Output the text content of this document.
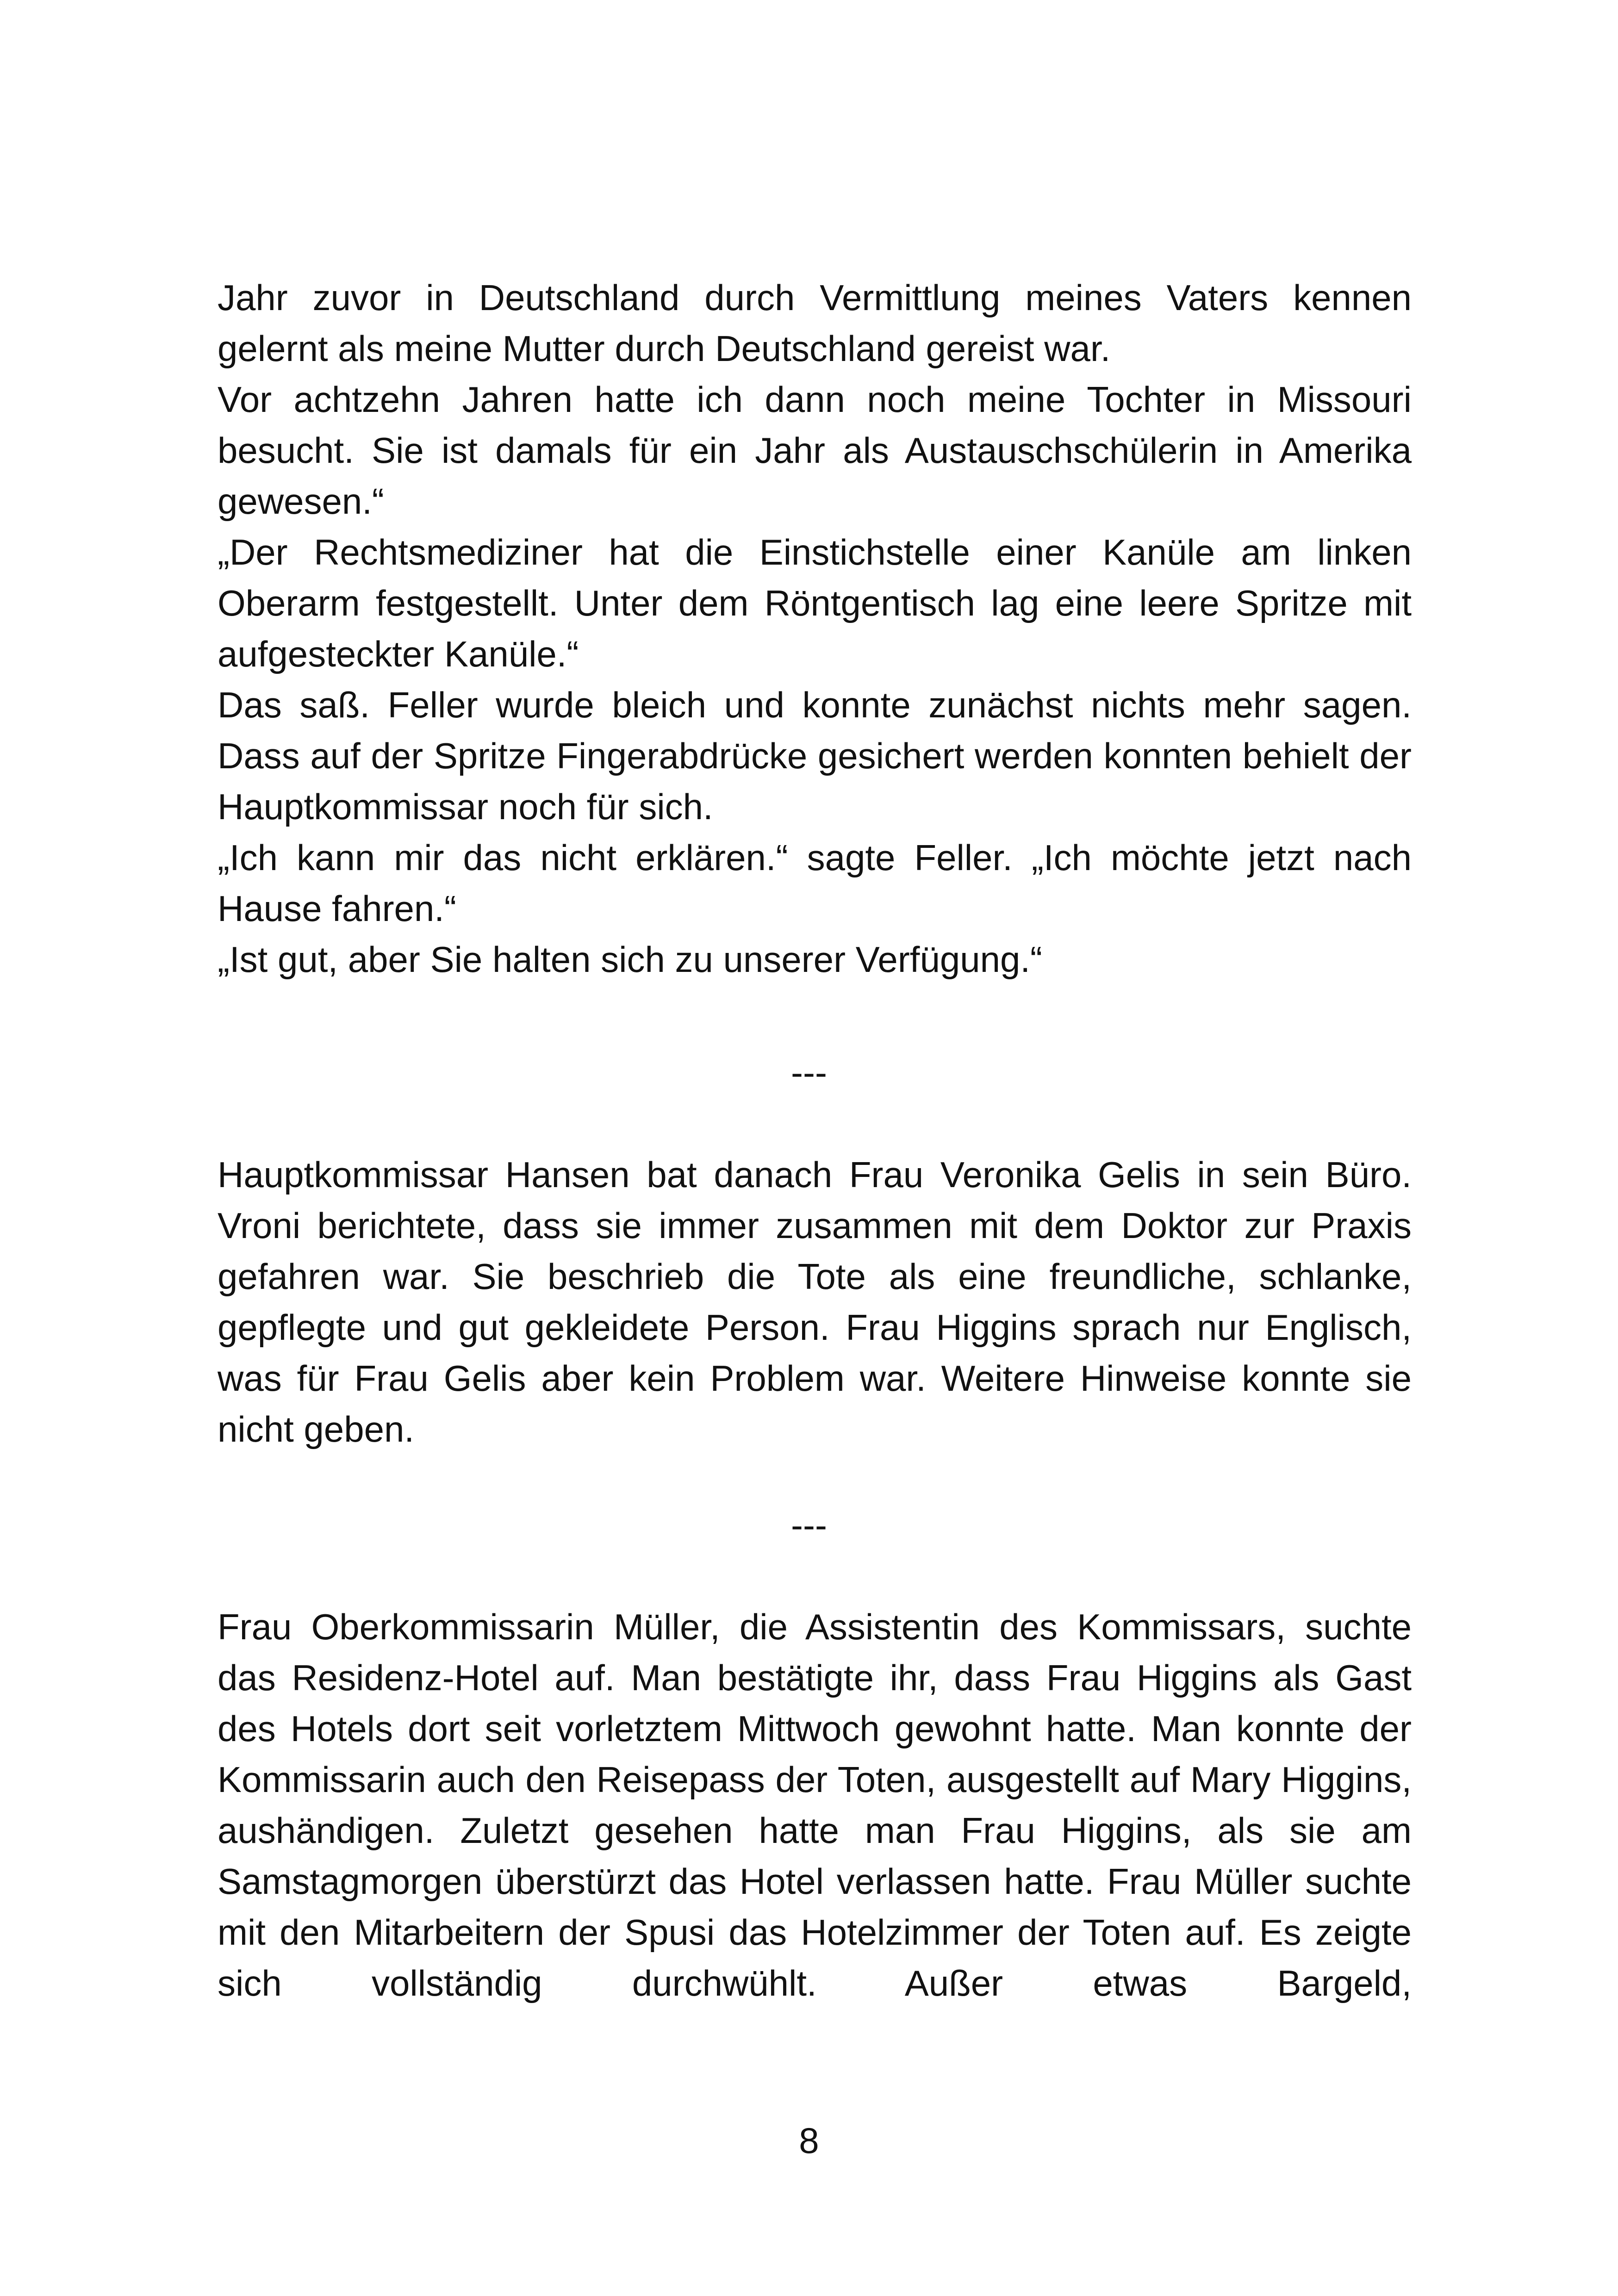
Jahr zuvor in Deutschland durch Vermittlung meines Vaters kennen gelernt als meine Mutter durch Deutschland gereist war.

Vor achtzehn Jahren hatte ich dann noch meine Tochter in Missouri besucht. Sie ist damals für ein Jahr als Austauschschülerin in Amerika gewesen.“

„Der Rechtsmediziner hat die Einstichstelle einer Kanüle am linken Oberarm festgestellt. Unter dem Röntgentisch lag eine leere Spritze mit aufgesteckter Kanüle.“

Das saß. Feller wurde bleich und konnte zunächst nichts mehr sagen. Dass auf der Spritze Fingerabdrücke gesichert werden konnten behielt der Hauptkommissar noch für sich.

„Ich kann mir das nicht erklären.“ sagte Feller. „Ich möchte jetzt nach Hause fahren.“

„Ist gut, aber Sie halten sich zu unserer Verfügung.“

---

Hauptkommissar Hansen bat danach Frau Veronika Gelis in sein Büro. Vroni berichtete, dass sie immer zusammen mit dem Doktor zur Praxis gefahren war. Sie beschrieb die Tote als eine freundliche, schlanke, gepflegte und gut gekleidete Person. Frau Higgins sprach nur Englisch, was für Frau Gelis aber kein Problem war. Weitere Hinweise konnte sie nicht geben.

---

Frau Oberkommissarin Müller, die Assistentin des Kommissars, suchte das Residenz-Hotel auf. Man bestätigte ihr, dass Frau Higgins als Gast des Hotels dort seit vorletztem Mittwoch gewohnt hatte. Man konnte der Kommissarin auch den Reisepass der Toten, ausgestellt auf Mary Higgins, aushändigen. Zuletzt gesehen hatte man Frau Higgins, als sie am Samstagmorgen überstürzt das Hotel verlassen hatte. Frau Müller suchte mit den Mitarbeitern der Spusi das Hotelzimmer der Toten auf. Es zeigte sich vollständig durchwühlt. Außer etwas Bargeld,

8
